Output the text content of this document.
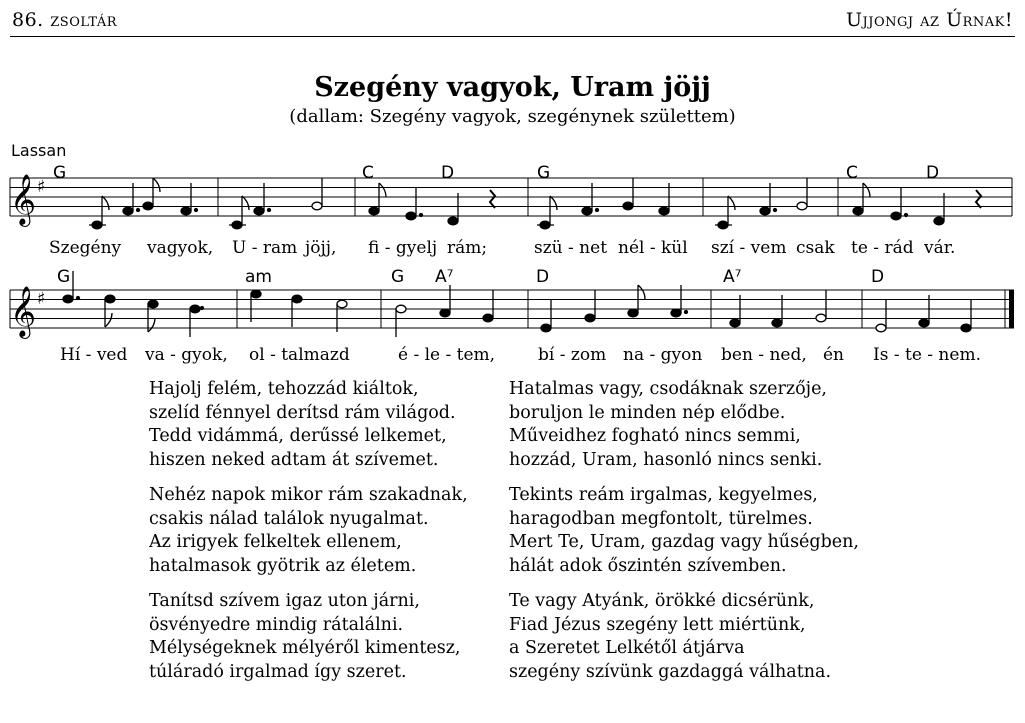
86. zsoltár	Ujjongj az Úrnak!
Szegény vagyok, Uram jöjj
(dallam: Szegény vagyok, szegénynek születtem)
Lassan
𝄞 ♯
G	C	D	G	C	D
Szegény vagyok, U - ram jöjj, fi - gyelj rám;	szü - net nél - kül szí - vem csak te - rád vár.
𝄞 ♯
G	am	G A⁷	D	A⁷	D
Hí - ved va - gyok, ol - talmazd	é - le - tem,	bí - zom na - gyon ben - ned, én Is - te - nem.
Hajolj felém, tehozzád kiáltok,
szelíd fénnyel derítsd rám világod.
Tedd vidámmá, derűssé lelkemet,
hiszen neked adtam át szívemet.
Nehéz napok mikor rám szakadnak,
csakis nálad találok nyugalmat.
Az irigyek felkeltek ellenem,
hatalmasok gyötrik az életem.
Tanítsd szívem igaz uton járni,
ösvényedre mindig rátalálni.
Mélységeknek mélyéről kimentesz,
túláradó irgalmad így szeret.
Hatalmas vagy, csodáknak szerzője,
boruljon le minden nép elődbe.
Műveidhez fogható nincs semmi,
hozzád, Uram, hasonló nincs senki.
Tekints reám irgalmas, kegyelmes,
haragodban megfontolt, türelmes.
Mert Te, Uram, gazdag vagy hűségben,
hálát adok őszintén szívemben.
Te vagy Atyánk, örökké dicsérünk,
Fiad Jézus szegény lett miértünk,
a Szeretet Lelkétől átjárva
szegény szívünk gazdaggá válhatna.
